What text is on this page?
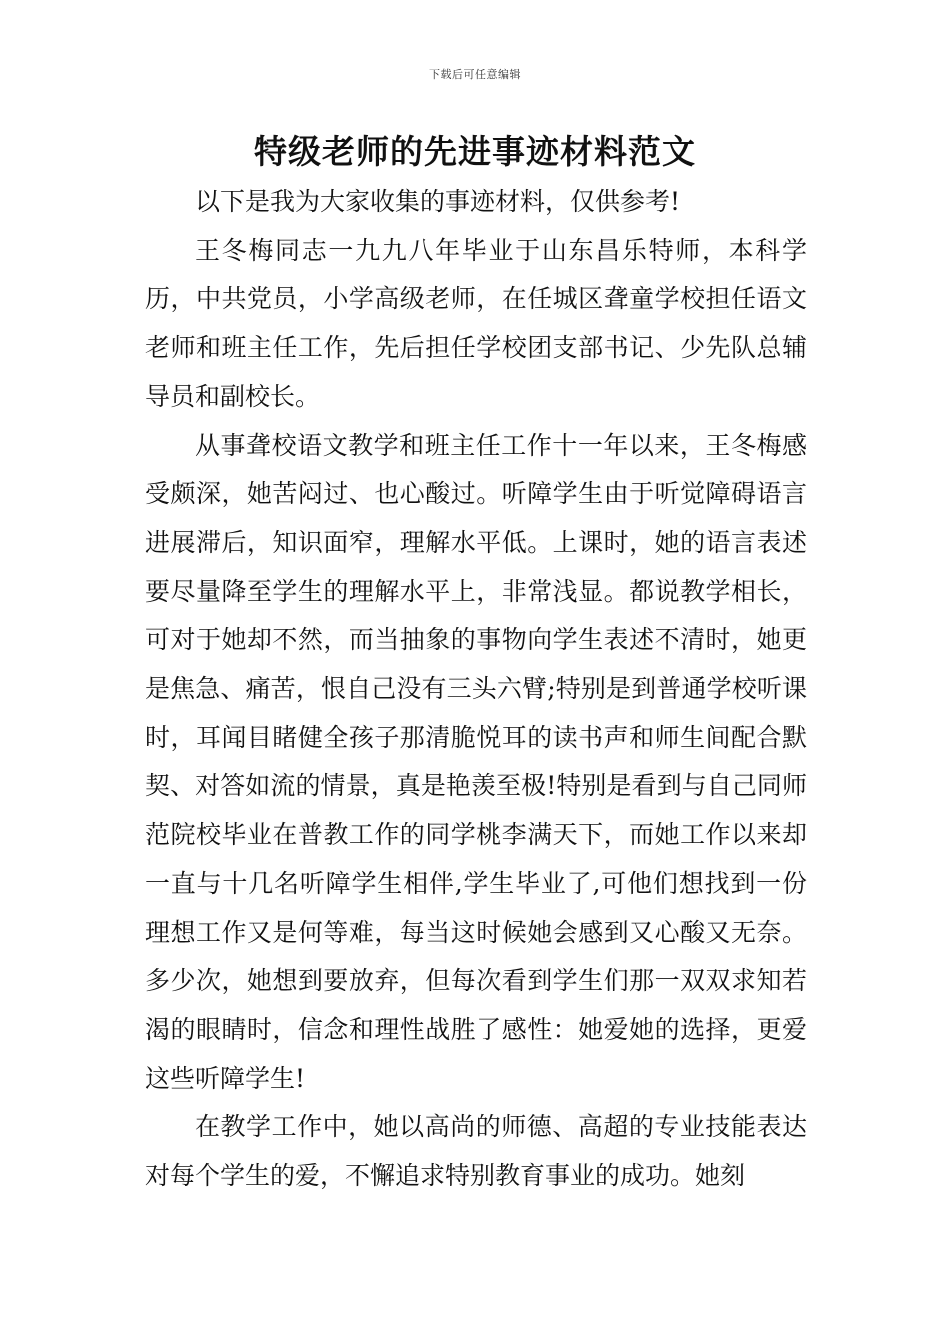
下载后可任意编辑
特级老师的先进事迹材料范文

以下是我为大家收集的事迹材料，仅供参考!

王冬梅同志一九九八年毕业于山东昌乐特师，本科学历，中共党员，小学高级老师，在任城区聋童学校担任语文老师和班主任工作，先后担任学校团支部书记、少先队总辅导员和副校长。

从事聋校语文教学和班主任工作十一年以来，王冬梅感受颇深，她苦闷过、也心酸过。听障学生由于听觉障碍语言进展滞后，知识面窄，理解水平低。上课时，她的语言表述要尽量降至学生的理解水平上，非常浅显。都说教学相长，可对于她却不然，而当抽象的事物向学生表述不清时，她更是焦急、痛苦，恨自己没有三头六臂;特别是到普通学校听课时，耳闻目睹健全孩子那清脆悦耳的读书声和师生间配合默契、对答如流的情景，真是艳羡至极!特别是看到与自己同师范院校毕业在普教工作的同学桃李满天下，而她工作以来却一直与十几名听障学生相伴,学生毕业了,可他们想找到一份理想工作又是何等难，每当这时候她会感到又心酸又无奈。多少次，她想到要放弃，但每次看到学生们那一双双求知若渴的眼睛时，信念和理性战胜了感性：她爱她的选择，更爱这些听障学生!

在教学工作中，她以高尚的师德、高超的专业技能表达对每个学生的爱，不懈追求特别教育事业的成功。她刻
